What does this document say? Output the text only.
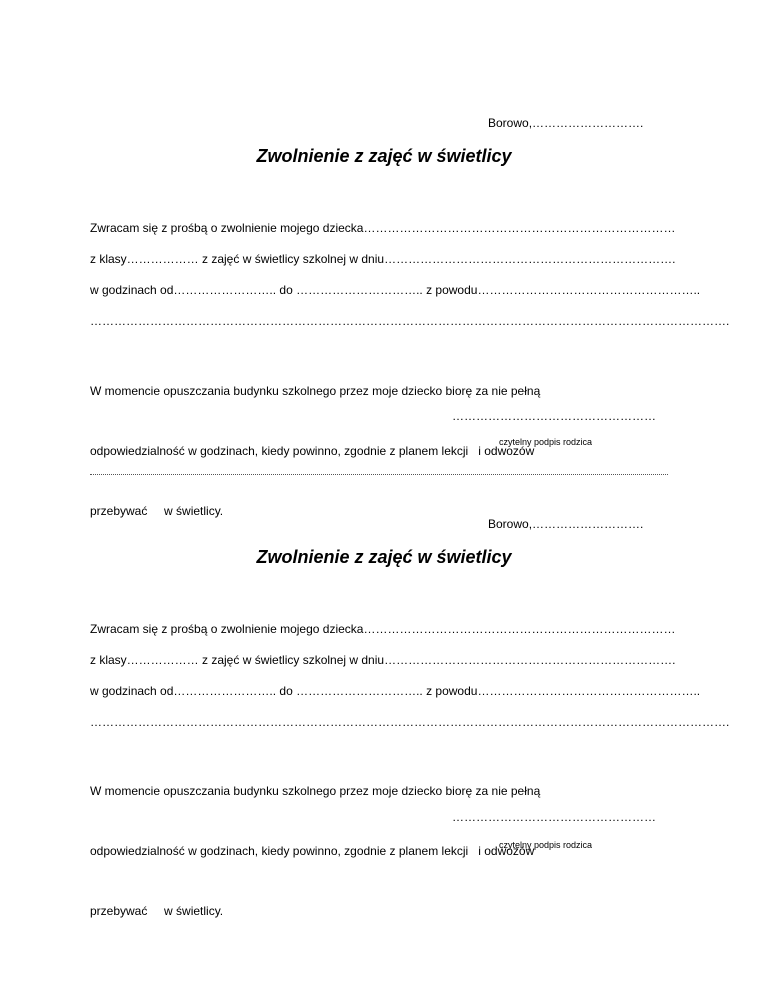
Borowo,……………………….
Zwolnienie z zajęć w świetlicy
Zwracam się z prośbą o zwolnienie mojego dziecka……………………………………………………………………
z klasy……………… z zajęć w świetlicy szkolnej w dniu……………………………………………………………….
w godzinach od…………………….. do ………………………….. z powodu………………………………………………..
…………………………………………………………………………………………………………………………………………….

W momencie opuszczania budynku szkolnego przez moje dziecko biorę za nie pełną

odpowiedzialność w godzinach, kiedy powinno, zgodnie z planem lekcji   i odwozów

przebywać     w świetlicy.

……………………………………………
czytelny podpis rodzica
Borowo,……………………….
Zwolnienie z zajęć w świetlicy
Zwracam się z prośbą o zwolnienie mojego dziecka……………………………………………………………………
z klasy……………… z zajęć w świetlicy szkolnej w dniu……………………………………………………………….
w godzinach od…………………….. do ………………………….. z powodu………………………………………………..
…………………………………………………………………………………………………………………………………………….

W momencie opuszczania budynku szkolnego przez moje dziecko biorę za nie pełną

odpowiedzialność w godzinach, kiedy powinno, zgodnie z planem lekcji   i odwozów

przebywać     w świetlicy.

……………………………………………
czytelny podpis rodzica
